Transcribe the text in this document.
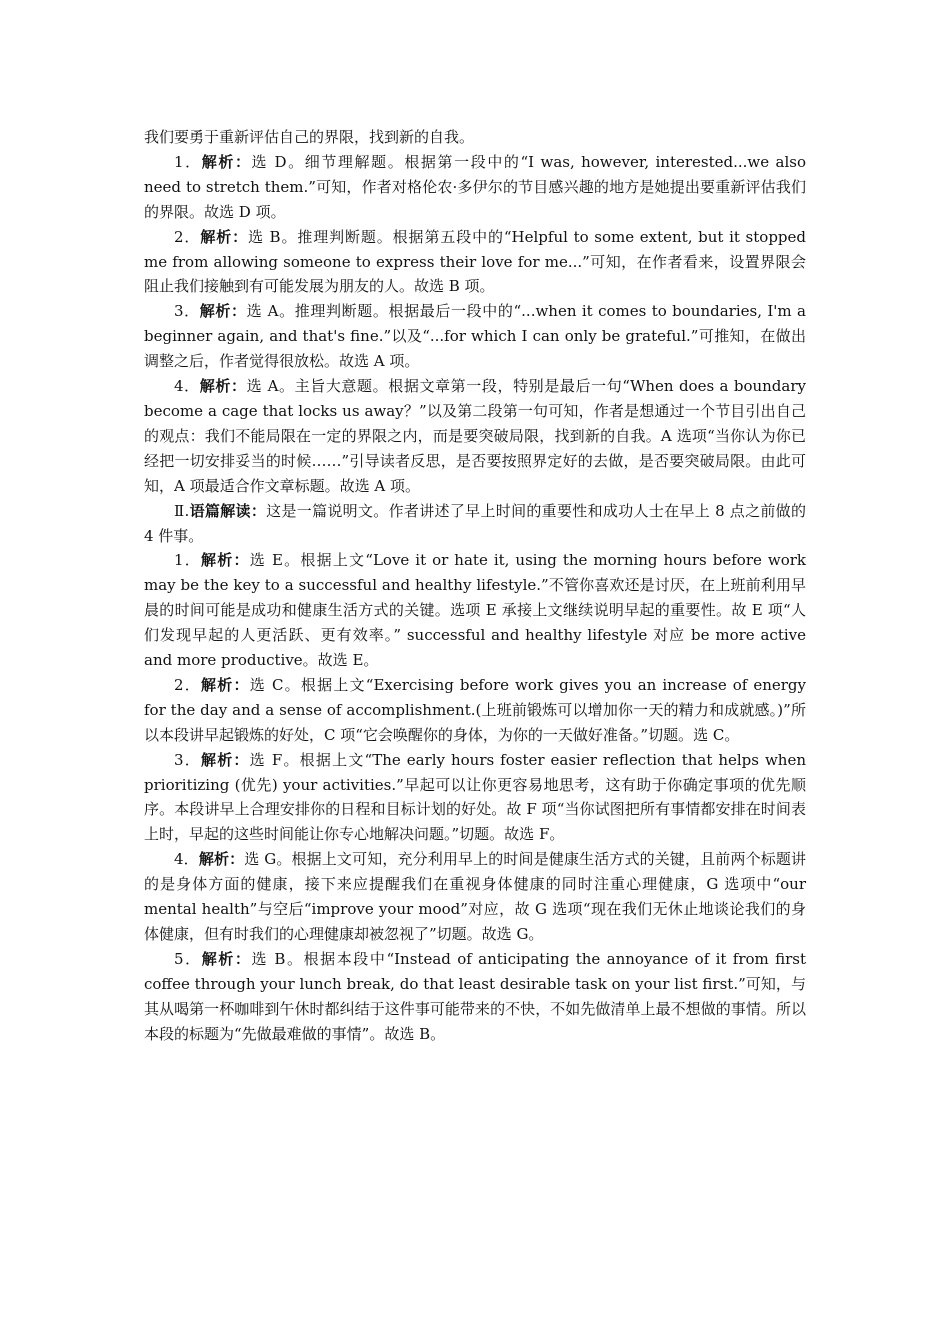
我们要勇于重新评估自己的界限，找到新的自我。

1．解析：选 D。细节理解题。根据第一段中的“I was, however, interested...we also need to stretch them.”可知，作者对格伦农·多伊尔的节目感兴趣的地方是她提出要重新评估我们的界限。故选 D 项。

2．解析：选 B。推理判断题。根据第五段中的“Helpful to some extent, but it stopped me from allowing someone to express their love for me...”可知，在作者看来，设置界限会阻止我们接触到有可能发展为朋友的人。故选 B 项。

3．解析：选 A。推理判断题。根据最后一段中的“...when it comes to boundaries, I'm a beginner again, and that's fine.”以及“...for which I can only be grateful.”可推知，在做出调整之后，作者觉得很放松。故选 A 项。

4．解析：选 A。主旨大意题。根据文章第一段，特别是最后一句“When does a boundary become a cage that locks us away？”以及第二段第一句可知，作者是想通过一个节目引出自己的观点：我们不能局限在一定的界限之内，而是要突破局限，找到新的自我。A 选项“当你认为你已经把一切安排妥当的时候……”引导读者反思，是否要按照界定好的去做，是否要突破局限。由此可知，A 项最适合作文章标题。故选 A 项。

Ⅱ.语篇解读：这是一篇说明文。作者讲述了早上时间的重要性和成功人士在早上 8 点之前做的 4 件事。

1．解析：选 E。根据上文“Love it or hate it, using the morning hours before work may be the key to a successful and healthy lifestyle.”不管你喜欢还是讨厌，在上班前利用早晨的时间可能是成功和健康生活方式的关键。选项 E 承接上文继续说明早起的重要性。故 E 项“人们发现早起的人更活跃、更有效率。” successful and healthy lifestyle 对应 be more active and more productive。故选 E。

2．解析：选 C。根据上文“Exercising before work gives you an increase of energy for the day and a sense of accomplishment.(上班前锻炼可以增加你一天的精力和成就感。)”所以本段讲早起锻炼的好处，C 项“它会唤醒你的身体，为你的一天做好准备。”切题。选 C。

3．解析：选 F。根据上文“The early hours foster easier reflection that helps when prioritizing (优先) your activities.”早起可以让你更容易地思考，这有助于你确定事项的优先顺序。本段讲早上合理安排你的日程和目标计划的好处。故 F 项“当你试图把所有事情都安排在时间表上时，早起的这些时间能让你专心地解决问题。”切题。故选 F。

4．解析：选 G。根据上文可知，充分利用早上的时间是健康生活方式的关键，且前两个标题讲的是身体方面的健康，接下来应提醒我们在重视身体健康的同时注重心理健康，G 选项中“our mental health”与空后“improve your mood”对应，故 G 选项“现在我们无休止地谈论我们的身体健康，但有时我们的心理健康却被忽视了”切题。故选 G。

5．解析：选 B。根据本段中“Instead of anticipating the annoyance of it from first coffee through your lunch break, do that least desirable task on your list first.”可知，与其从喝第一杯咖啡到午休时都纠结于这件事可能带来的不快，不如先做清单上最不想做的事情。所以本段的标题为“先做最难做的事情”。故选 B。
